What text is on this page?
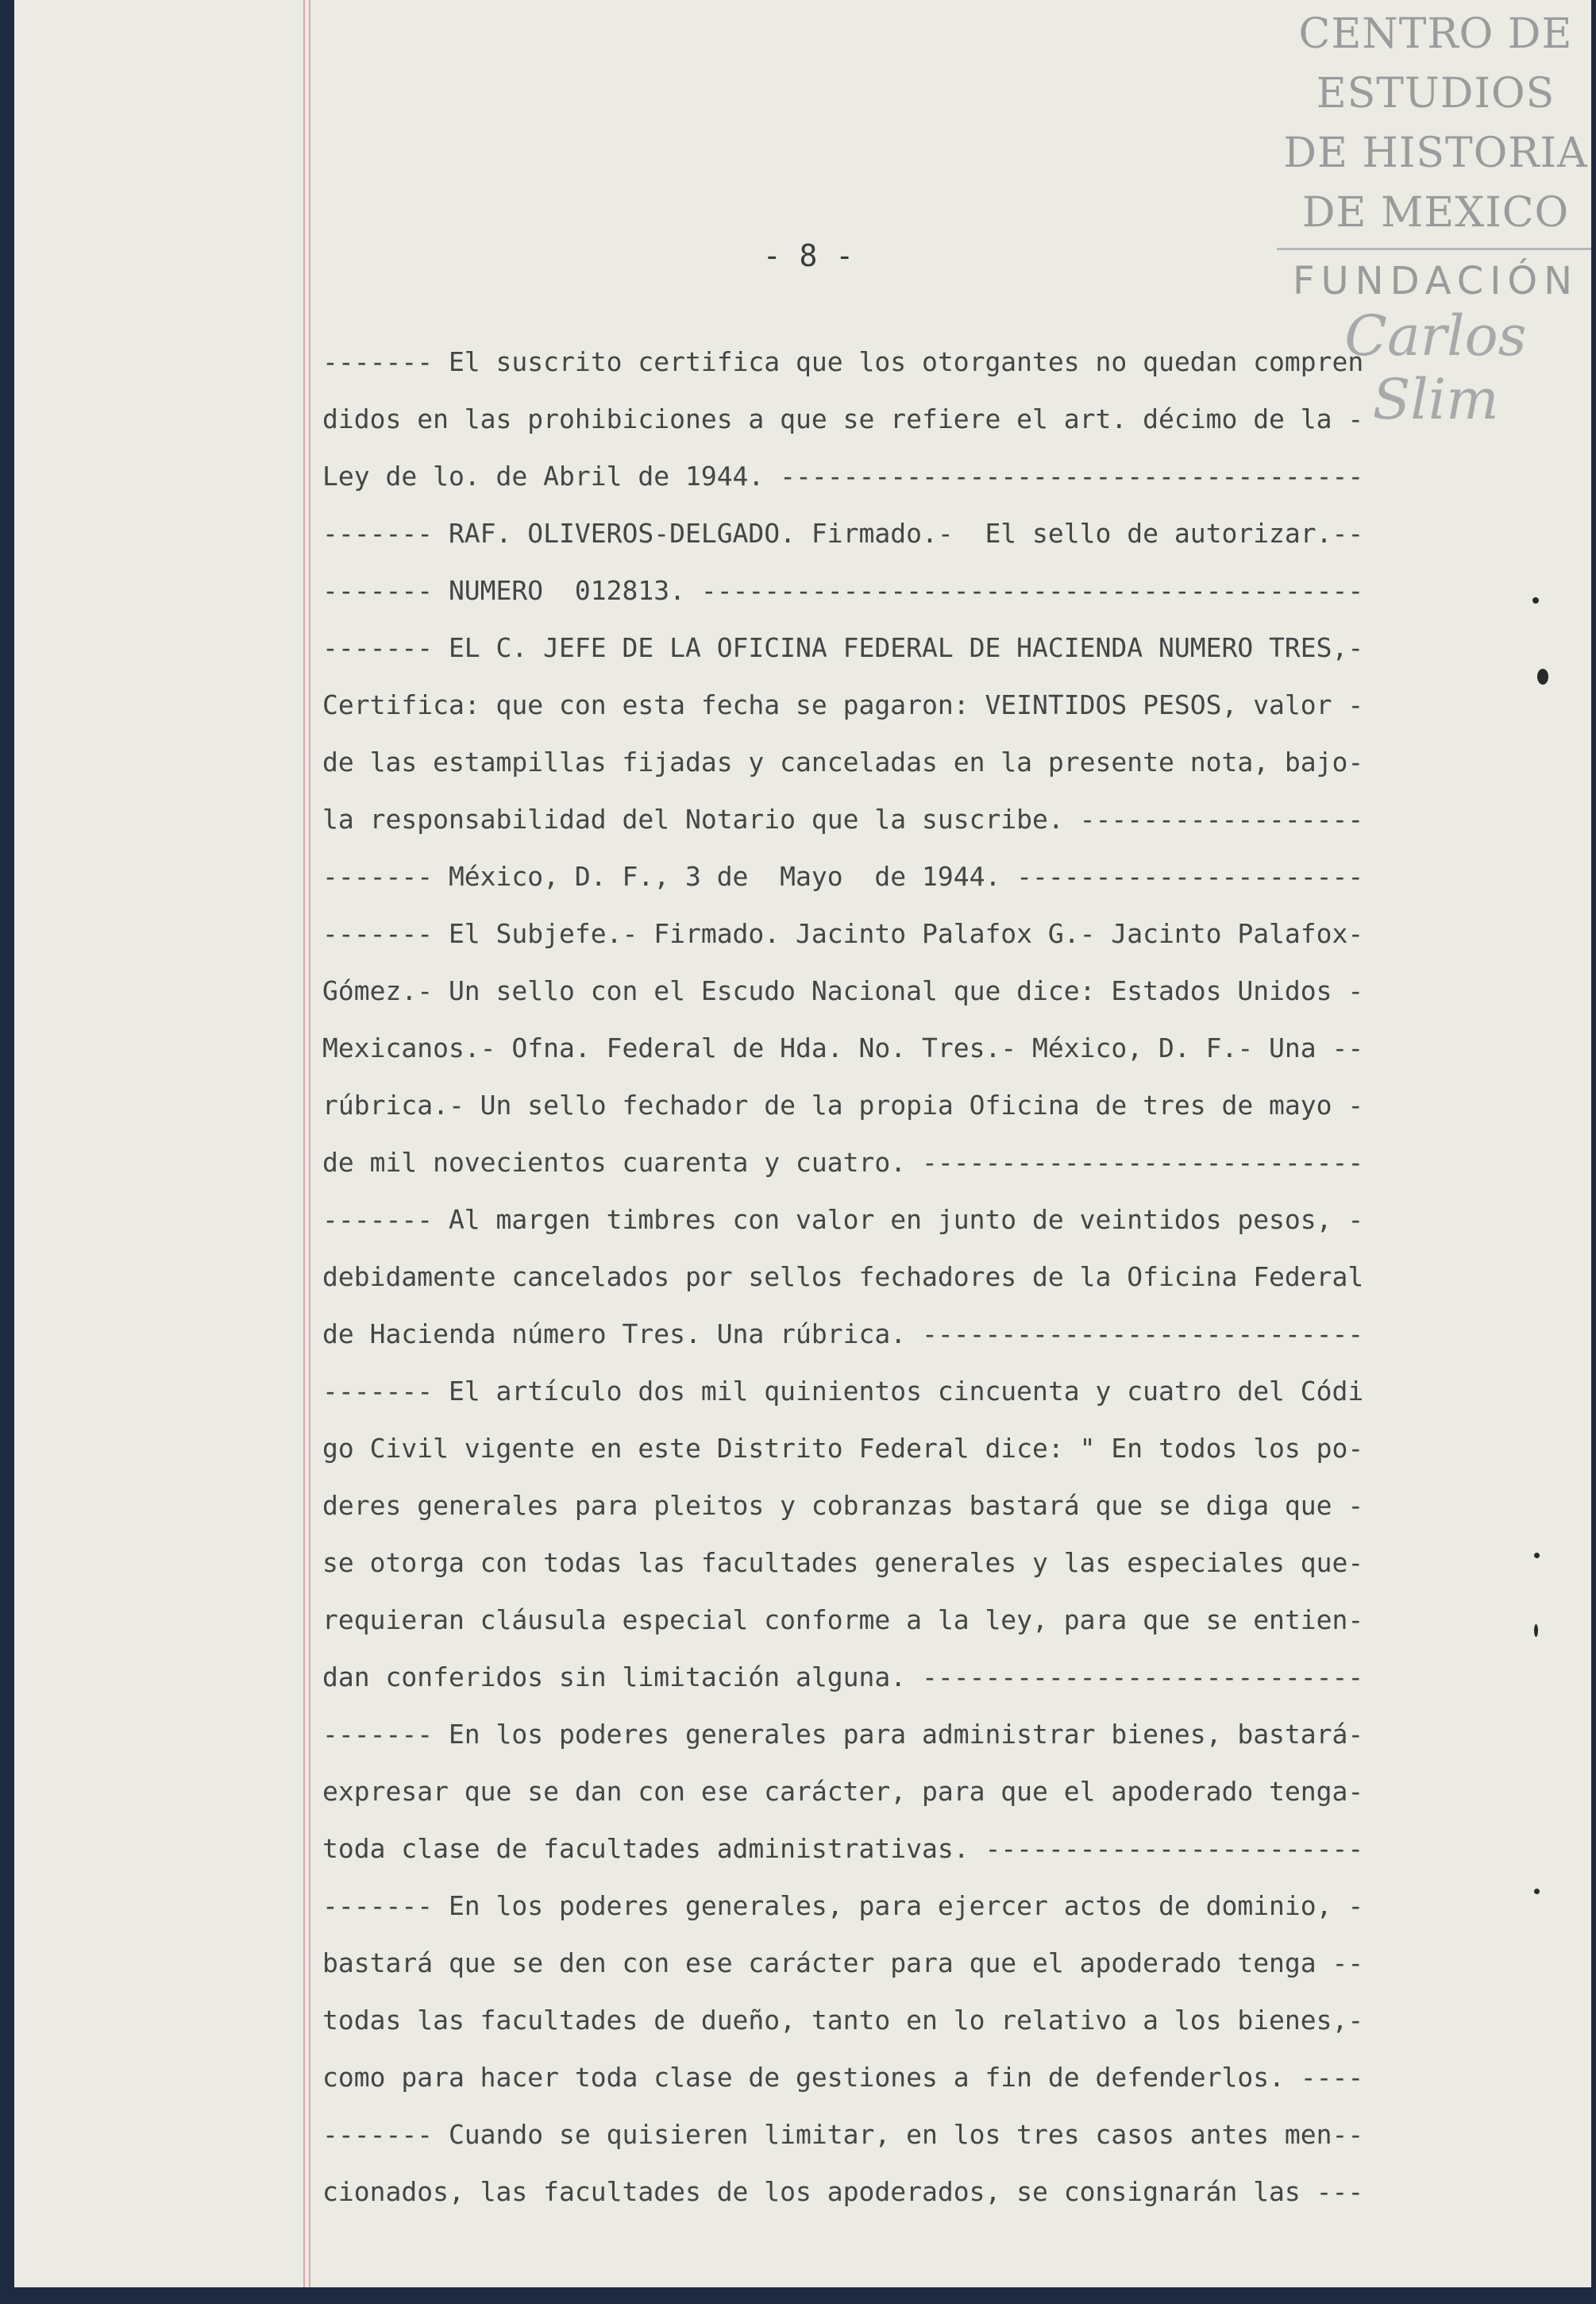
CENTRO DE
ESTUDIOS
DE HISTORIA
DE MEXICO
FUNDACIÓN
Carlos Slim
- 8 -
------- El suscrito certifica que los otorgantes no quedan compren
didos en las prohibiciones a que se refiere el art. décimo de la -
Ley de lo. de Abril de 1944. -------------------------------------
------- RAF. OLIVEROS-DELGADO. Firmado.-  El sello de autorizar.--
------- NUMERO  012813. ------------------------------------------
------- EL C. JEFE DE LA OFICINA FEDERAL DE HACIENDA NUMERO TRES,-
Certifica: que con esta fecha se pagaron: VEINTIDOS PESOS, valor -
de las estampillas fijadas y canceladas en la presente nota, bajo-
la responsabilidad del Notario que la suscribe. ------------------
------- México, D. F., 3 de  Mayo  de 1944. ----------------------
------- El Subjefe.- Firmado. Jacinto Palafox G.- Jacinto Palafox-
Gómez.- Un sello con el Escudo Nacional que dice: Estados Unidos -
Mexicanos.- Ofna. Federal de Hda. No. Tres.- México, D. F.- Una --
rúbrica.- Un sello fechador de la propia Oficina de tres de mayo -
de mil novecientos cuarenta y cuatro. ----------------------------
------- Al margen timbres con valor en junto de veintidos pesos, -
debidamente cancelados por sellos fechadores de la Oficina Federal
de Hacienda número Tres. Una rúbrica. ----------------------------
------- El artículo dos mil quinientos cincuenta y cuatro del Códi
go Civil vigente en este Distrito Federal dice: " En todos los po-
deres generales para pleitos y cobranzas bastará que se diga que -
se otorga con todas las facultades generales y las especiales que-
requieran cláusula especial conforme a la ley, para que se entien-
dan conferidos sin limitación alguna. ----------------------------
------- En los poderes generales para administrar bienes, bastará-
expresar que se dan con ese carácter, para que el apoderado tenga-
toda clase de facultades administrativas. ------------------------
------- En los poderes generales, para ejercer actos de dominio, -
bastará que se den con ese carácter para que el apoderado tenga --
todas las facultades de dueño, tanto en lo relativo a los bienes,-
como para hacer toda clase de gestiones a fin de defenderlos. ----
------- Cuando se quisieren limitar, en los tres casos antes men--
cionados, las facultades de los apoderados, se consignarán las ---
